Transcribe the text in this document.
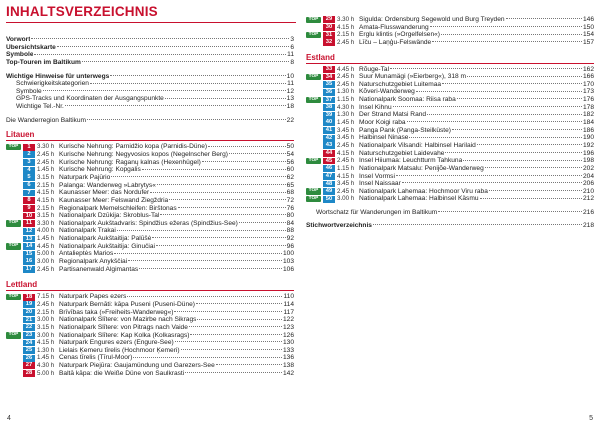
INHALTSVERZEICHNIS
Vorwort	3
Übersichtskarte	6
Symbole	11
Top-Touren im Baltikum	8
Wichtige Hinweise für unterwegs	10
Schwierigkeitskategorien	11
Symbole	12
GPS-Tracks und Koordinaten der Ausgangspunkte	13
Wichtige Tel.-Nr.	18
Die Wanderregion Baltikum	22
Litauen
TOP	1	3.30 h Kurische Nehrung: Parnidžio kopa (Parnidis-Düne)	50
2	2.45 h Kurische Nehrung: Negyvosios kopos (Negelnscher Berg)	54
3	2.45 h Kurische Nehrung: Raganų kalnas (Hexenhügel)	56
4	1.45 h Kurische Nehrung: Kopgalis	60
5	3.15 h Naturpark Pajūrio	62
6	2.15 h Palanga: Wanderweg »Labrytys«	65
7	4.15 h Kaunasser Meer: das Nordufer	68
8	4.15 h Kaunasser Meer: Felswand Žiegždria	72
9	2.15 h Regionalpark Memelschleifen: Birštonas	76
10 3.15 h Nationalpark Dzūkija: Skroblus-Tal	80
TOP	11 3.30 h Nationalpark Aukštadvaris: Spindžius ežeras (Spindžius-See)	84
12 4.00 h Nationalpark Trakai	88
13 1.45 h Nationalpark Aukštaitija: Palūšė	92
TOP	14 4.45 h Nationalpark Aukštaitija: Ginučiai	96
15 5.00 h Antalieptės Marios	100
16 3.00 h Regionalpark Anykščiai	103
17 2.45 h Partisanenwald Algimantas	106
Lettland
TOP	18 7.15 h Naturpark Papes ezers	110
19 2.45 h Naturpark Bernāti: kāpa Puseni (Puseni-Düne)	114
20 2.15 h Brīvības taka (»Freiheits-Wanderweg«)	117
21 3.00 h Nationalpark Slītere: von Mazirbe nach Sikrags	122
22 3.15 h Nationalpark Slītere: von Pitrags nach Vaide	123
TOP	23 3.00 h Nationalpark Slītere: Kap Kolka (Kolkasrags)	126
24 4.15 h Naturpark Engures ezers (Engure-See)	130
25 1.30 h Lielais Ķemeru tīrelis (Hochmoor Ķemeri)	133
26 1.45 h Cenas tīrelis (Tīrul-Moor)	136
27 4.30 h Naturpark Piejūra: Gaujamündung und Garezers-See	138
28 5.00 h Baltā kāpa: die Weiße Düne von Saulkrasti	142
4
TOP	29 3.30 h Sigulda: Ordensburg Segewold und Burg Treyden	146
30 4.15 h Amata-Flusswanderung	150
TOP	31 2.15 h Ērglu klintis (»Orgelfelsen«)	154
32 2.45 h Līču – Laņģu-Felswände	157
Estland
33 4.45 h Rõuge-Tal	162
TOP	34 2.45 h Suur Munamägi (»Eierberg«), 318 m	166
35 2.45 h Naturschutzgebiet Luitemaa	170
36 1.30 h Kõveri-Wanderweg	173
TOP	37 1.15 h Nationalpark Soomaa: Riisa raba	176
38 4.30 h Insel Kihnu	178
39 1.30 h Der Strand Matsi Rand	182
40 1.45 h Moor Koigi raba	184
41 3.45 h Panga Pank (Panga-Steilküste)	186
42 3.45 h Halbinsel Ninase	190
43 2.45 h Nationalpark Vilsandi: Halbinsel Harilaid	192
44 4.15 h Naturschutzgebiet Laidevahe	196
TOP	45 2.45 h Insel Hiiumaa: Leuchtturm Tahkuna	198
46 1.15 h Nationalpark Matsalu: Penijõe-Wanderweg	202
47 4.15 h Insel Vormsi	204
48 3.45 h Insel Naissaar	206
TOP	49 2.45 h Nationalpark Lahemaa: Hochmoor Viru raba	210
TOP	50 3.00 h Nationalpark Lahemaa: Halbinsel Käsmu	212
Wortschatz für Wanderungen im Baltikum	216
Stichwortverzeichnis	218
5
